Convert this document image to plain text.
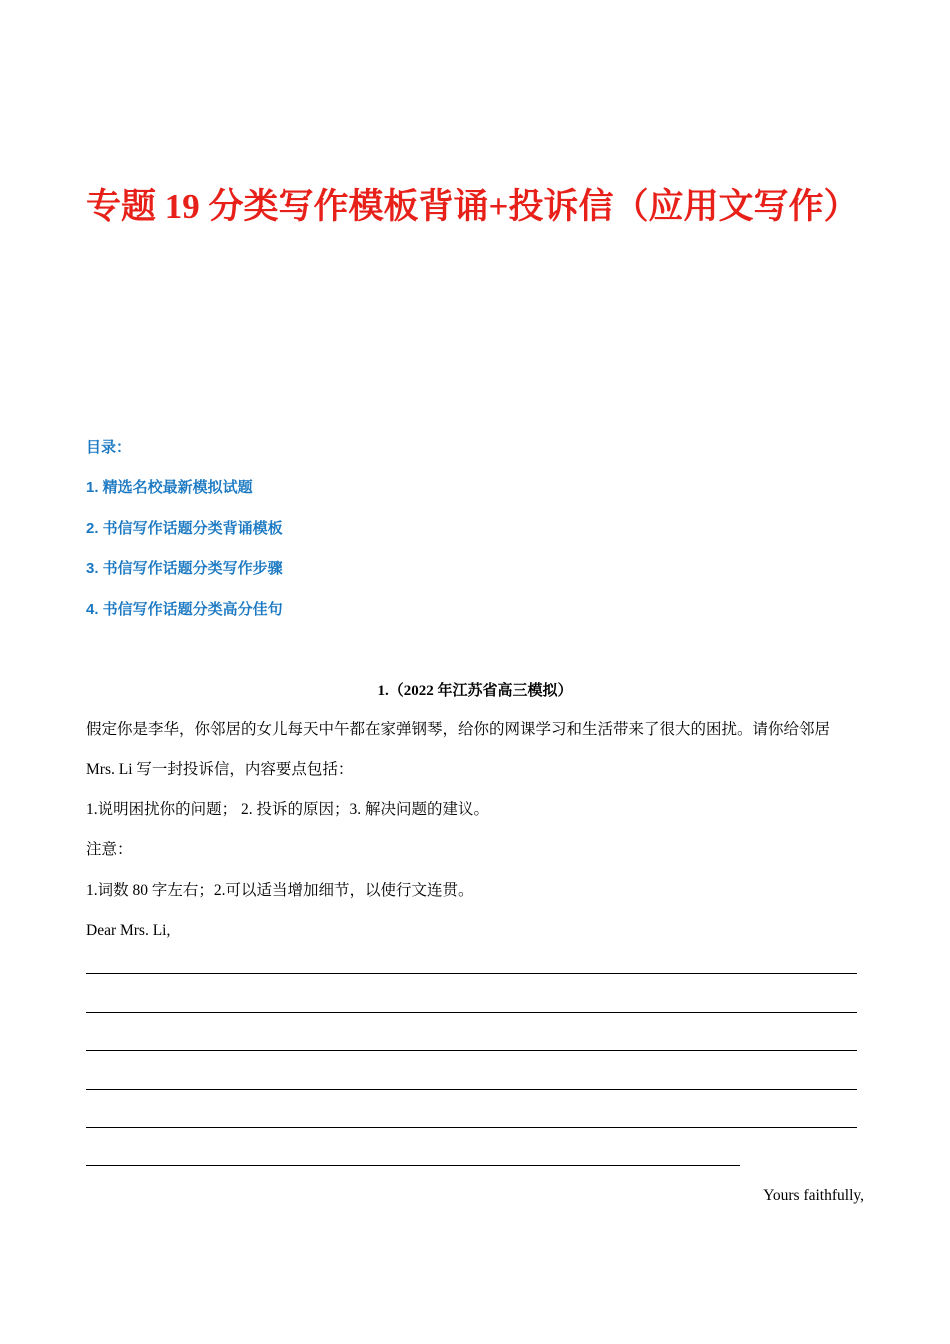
专题 19 分类写作模板背诵+投诉信（应用文写作）
目录：
1. 精选名校最新模拟试题
2. 书信写作话题分类背诵模板
3. 书信写作话题分类写作步骤
4. 书信写作话题分类高分佳句
1.（2022 年江苏省高三模拟）
假定你是李华，你邻居的女儿每天中午都在家弹钢琴，给你的网课学习和生活带来了很大的困扰。请你给邻居 Mrs. Li 写一封投诉信，内容要点包括：
1.说明困扰你的问题； 2. 投诉的原因；3. 解决问题的建议。
注意：
1.词数 80 字左右；2.可以适当增加细节，以使行文连贯。
Dear Mrs. Li,
Yours faithfully,
